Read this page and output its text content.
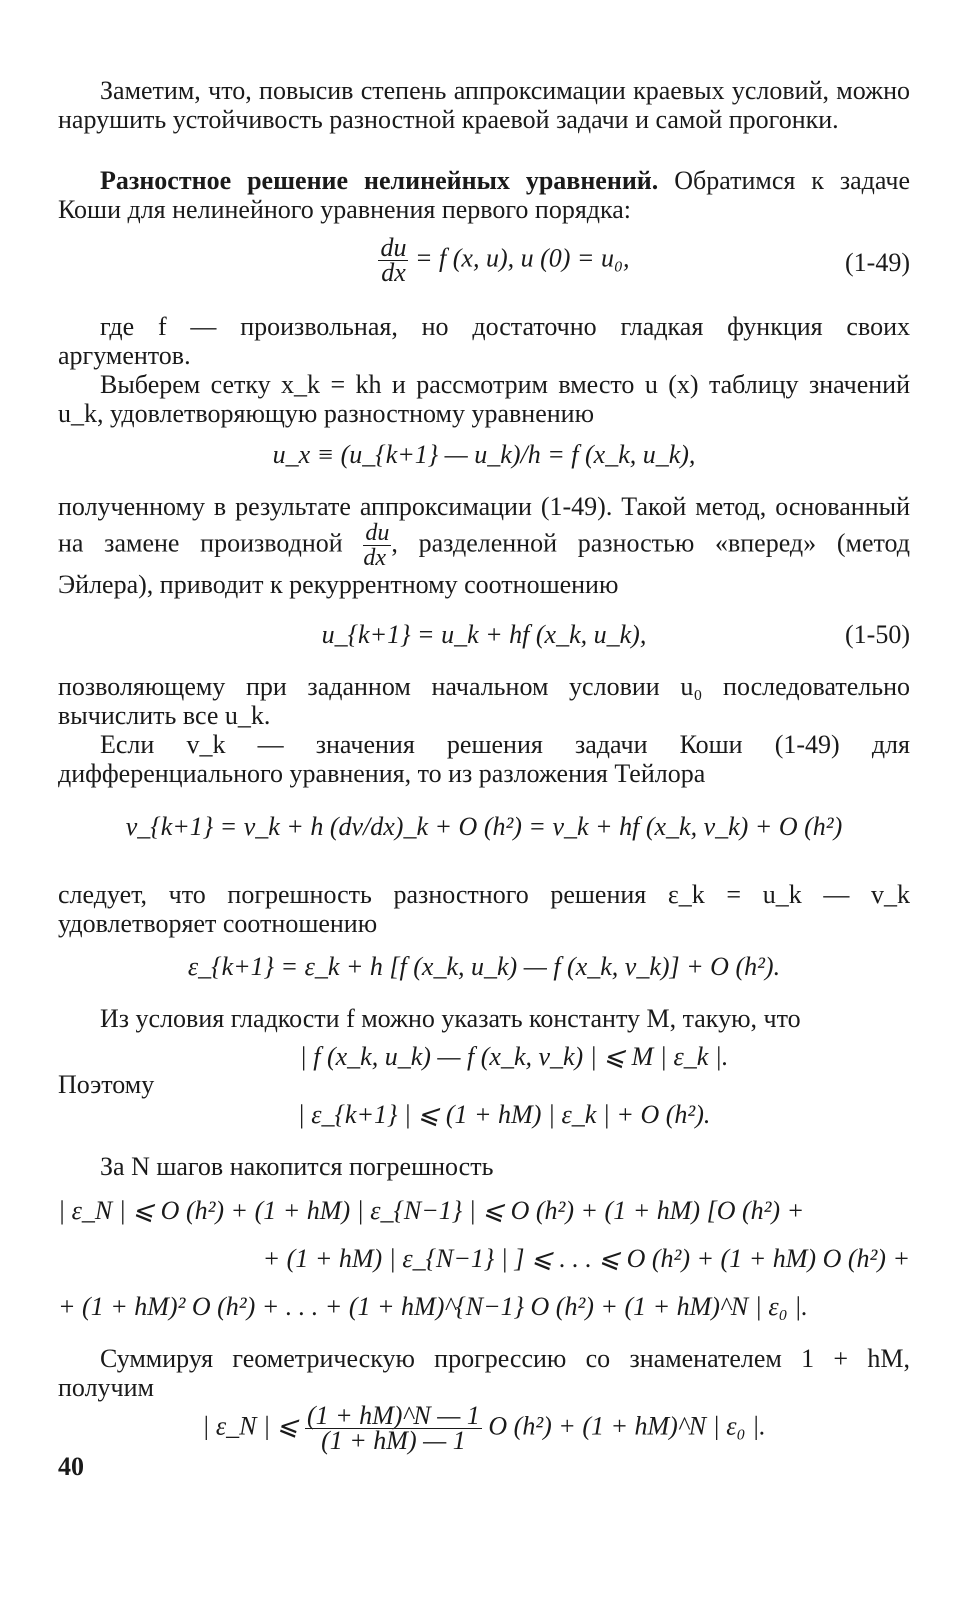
Заметим, что, повысив степень аппроксимации краевых условий, можно нарушить устойчивость разностной краевой задачи и самой прогонки.

Разностное решение нелинейных уравнений. Обратимся к задаче Коши для нелинейного уравнения первого порядка:

$\frac{du}{dx} = f$ (x, u), u (0) = u₀,	(1-49)

где f — произвольная, но достаточно гладкая функция своих аргументов.

Выберем сетку x_k = kh и рассмотрим вместо u (x) таблицу значений u_k, удовлетворяющую разностному уравнению

u_x ≡ (u_{k+1} — u_k)/h = f (x_k, u_k),

полученному в результате аппроксимации (1-49). Такой метод, основанный на замене производной $\frac{du}{dx}$ , разделенной разностью «вперед» (метод Эйлера), приводит к рекуррентному соотношению

u_{k+1} = u_k + hf (x_k, u_k),	(1-50)

позволяющему при заданном начальном условии u₀ последовательно вычислить все u_k.

Если v_k — значения решения задачи Коши (1-49) для дифференциального уравнения, то из разложения Тейлора

v_{k+1} = v_k + h (dv/dx)_k + O (h²) = v_k + hf (x_k, v_k) + O (h²)

следует, что погрешность разностного решения ε_k = u_k — v_k удовлетворяет соотношению

ε_{k+1} = ε_k + h [f (x_k, u_k) — f (x_k, v_k)] + O (h²).

Из условия гладкости f можно указать константу M, такую, что

| f (x_k, u_k) — f (x_k, v_k) | ⩽ M | ε_k |.

Поэтому

| ε_{k+1} | ⩽ (1 + hM) | ε_k | + O (h²).

За N шагов накопится погрешность

| ε_N | ⩽ O (h²) + (1 + hM) | ε_{N−1} | ⩽ O (h²) + (1 + hM) [O (h²) +
+ (1 + hM) | ε_{N−1} | ] ⩽ . . . ⩽ O (h²) + (1 + hM) O (h²) +
+ (1 + hM)² O (h²) + . . . + (1 + hM)^{N−1} O (h²) + (1 + hM)^N | ε₀ |.

Суммируя геометрическую прогрессию со знаменателем 1 + hM, получим

| ε_N | ⩽ $\frac{(1 + hM)\^{}N — 1}{(1 + hM) — 1}$ O (h²) + (1 + hM)^N | ε₀ |.
40
